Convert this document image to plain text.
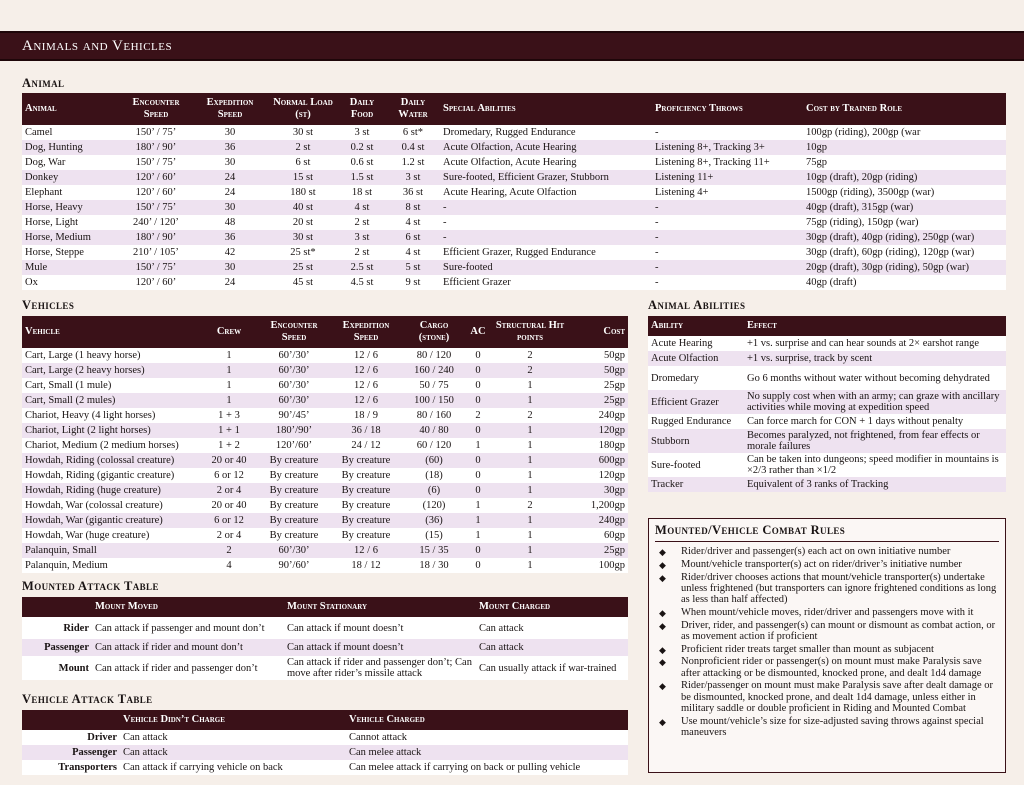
Animals and Vehicles
Animal
Animal	Encounter Speed	Expedition Speed	Normal Load (st)	Daily Food	Daily Water	Special Abilities	Proficiency Throws	Cost by Trained Role
Camel	150’ / 75’	30	30 st	3 st	6 st*	Dromedary, Rugged Endurance	-	100gp (riding), 200gp (war
Dog, Hunting	180’ / 90’	36	2 st	0.2 st	0.4 st	Acute Olfaction, Acute Hearing	Listening 8+, Tracking 3+	10gp
Dog, War	150’ / 75’	30	6 st	0.6 st	1.2 st	Acute Olfaction, Acute Hearing	Listening 8+, Tracking 11+	75gp
Donkey	120’ / 60’	24	15 st	1.5 st	3 st	Sure-footed, Efficient Grazer, Stubborn	Listening 11+	10gp (draft), 20gp (riding)
Elephant	120’ / 60’	24	180 st	18 st	36 st	Acute Hearing, Acute Olfaction	Listening 4+	1500gp (riding), 3500gp (war)
Horse, Heavy	150’ / 75’	30	40 st	4 st	8 st	-	-	40gp (draft), 315gp (war)
Horse, Light	240’ / 120’	48	20 st	2 st	4 st	-	-	75gp (riding), 150gp (war)
Horse, Medium	180’ / 90’	36	30 st	3 st	6 st	-	-	30gp (draft), 40gp (riding), 250gp (war)
Horse, Steppe	210’ / 105’	42	25 st*	2 st	4 st	Efficient Grazer, Rugged Endurance	-	30gp (draft), 60gp (riding), 120gp (war)
Mule	150’ / 75’	30	25 st	2.5 st	5 st	Sure-footed	-	20gp (draft), 30gp (riding), 50gp (war)
Ox	120’ / 60’	24	45 st	4.5 st	9 st	Efficient Grazer	-	40gp (draft)
Vehicles
Vehicle	Crew	Encounter Speed	Expedition Speed	Cargo (stone)	AC	Structural Hit points	Cost
Cart, Large (1 heavy horse)	1	60’/30’	12 / 6	80 / 120	0	2	50gp
Cart, Large (2 heavy horses)	1	60’/30’	12 / 6	160 / 240	0	2	50gp
Cart, Small (1 mule)	1	60’/30’	12 / 6	50 / 75	0	1	25gp
Cart, Small (2 mules)	1	60’/30’	12 / 6	100 / 150	0	1	25gp
Chariot, Heavy (4 light horses)	1 + 3	90’/45’	18 / 9	80 / 160	2	2	240gp
Chariot, Light (2 light horses)	1 + 1	180’/90’	36 / 18	40 / 80	0	1	120gp
Chariot, Medium (2 medium horses)	1 + 2	120’/60’	24 / 12	60 / 120	1	1	180gp
Howdah, Riding (colossal creature)	20 or 40	By creature	By creature	(60)	0	1	600gp
Howdah, Riding (gigantic creature)	6 or 12	By creature	By creature	(18)	0	1	120gp
Howdah, Riding (huge creature)	2 or 4	By creature	By creature	(6)	0	1	30gp
Howdah, War (colossal creature)	20 or 40	By creature	By creature	(120)	1	2	1,200gp
Howdah, War (gigantic creature)	6 or 12	By creature	By creature	(36)	1	1	240gp
Howdah, War (huge creature)	2 or 4	By creature	By creature	(15)	1	1	60gp
Palanquin, Small	2	60’/30’	12 / 6	15 / 35	0	1	25gp
Palanquin, Medium	4	90’/60’	18 / 12	18 / 30	0	1	100gp
Animal Abilities
Ability	Effect
Acute Hearing	+1 vs. surprise and can hear sounds at 2× earshot range
Acute Olfaction	+1 vs. surprise, track by scent
Dromedary	Go 6 months without water without becoming dehydrated
Efficient Grazer	No supply cost when with an army; can graze with ancillary activities while moving at expedition speed
Rugged Endurance	Can force march for CON + 1 days without penalty
Stubborn	Becomes paralyzed, not frightened, from fear effects or morale failures
Sure-footed	Can be taken into dungeons; speed modifier in mountains is ×2/3 rather than ×1/2
Tracker	Equivalent of 3 ranks of Tracking
Mounted Attack Table
	Mount Moved	Mount Stationary	Mount Charged
Rider	Can attack if passenger and mount don’t	Can attack if mount doesn’t	Can attack
Passenger	Can attack if rider and mount don’t	Can attack if mount doesn’t	Can attack
Mount	Can attack if rider and passenger don’t	Can attack if rider and passenger don’t; Can move after rider’s missile attack	Can usually attack if war-trained
Vehicle Attack Table
	Vehicle Didn’t Charge	Vehicle Charged
Driver	Can attack	Cannot attack
Passenger	Can attack	Can melee attack
Transporters	Can attack if carrying vehicle on back	Can melee attack if carrying on back or pulling vehicle
Mounted/Vehicle Combat Rules
◆ Rider/driver and passenger(s) each act on own initiative number
◆ Mount/vehicle transporter(s) act on rider/driver’s initiative number
◆ Rider/driver chooses actions that mount/vehicle transporter(s) undertake unless frightened (but transporters can ignore frightened conditions as long as less than half affected)
◆ When mount/vehicle moves, rider/driver and passengers move with it
◆ Driver, rider, and passenger(s) can mount or dismount as combat action, or as movement action if proficient
◆ Proficient rider treats target smaller than mount as subjacent
◆ Nonproficient rider or passenger(s) on mount must make Paralysis save after attacking or be dismounted, knocked prone, and dealt 1d4 damage
◆ Rider/passenger on mount must make Paralysis save after dealt damage or be dismounted, knocked prone, and dealt 1d4 damage, unless either in military saddle or double proficient in Riding and Mounted Combat
◆ Use mount/vehicle’s size for size-adjusted saving throws against special maneuvers
